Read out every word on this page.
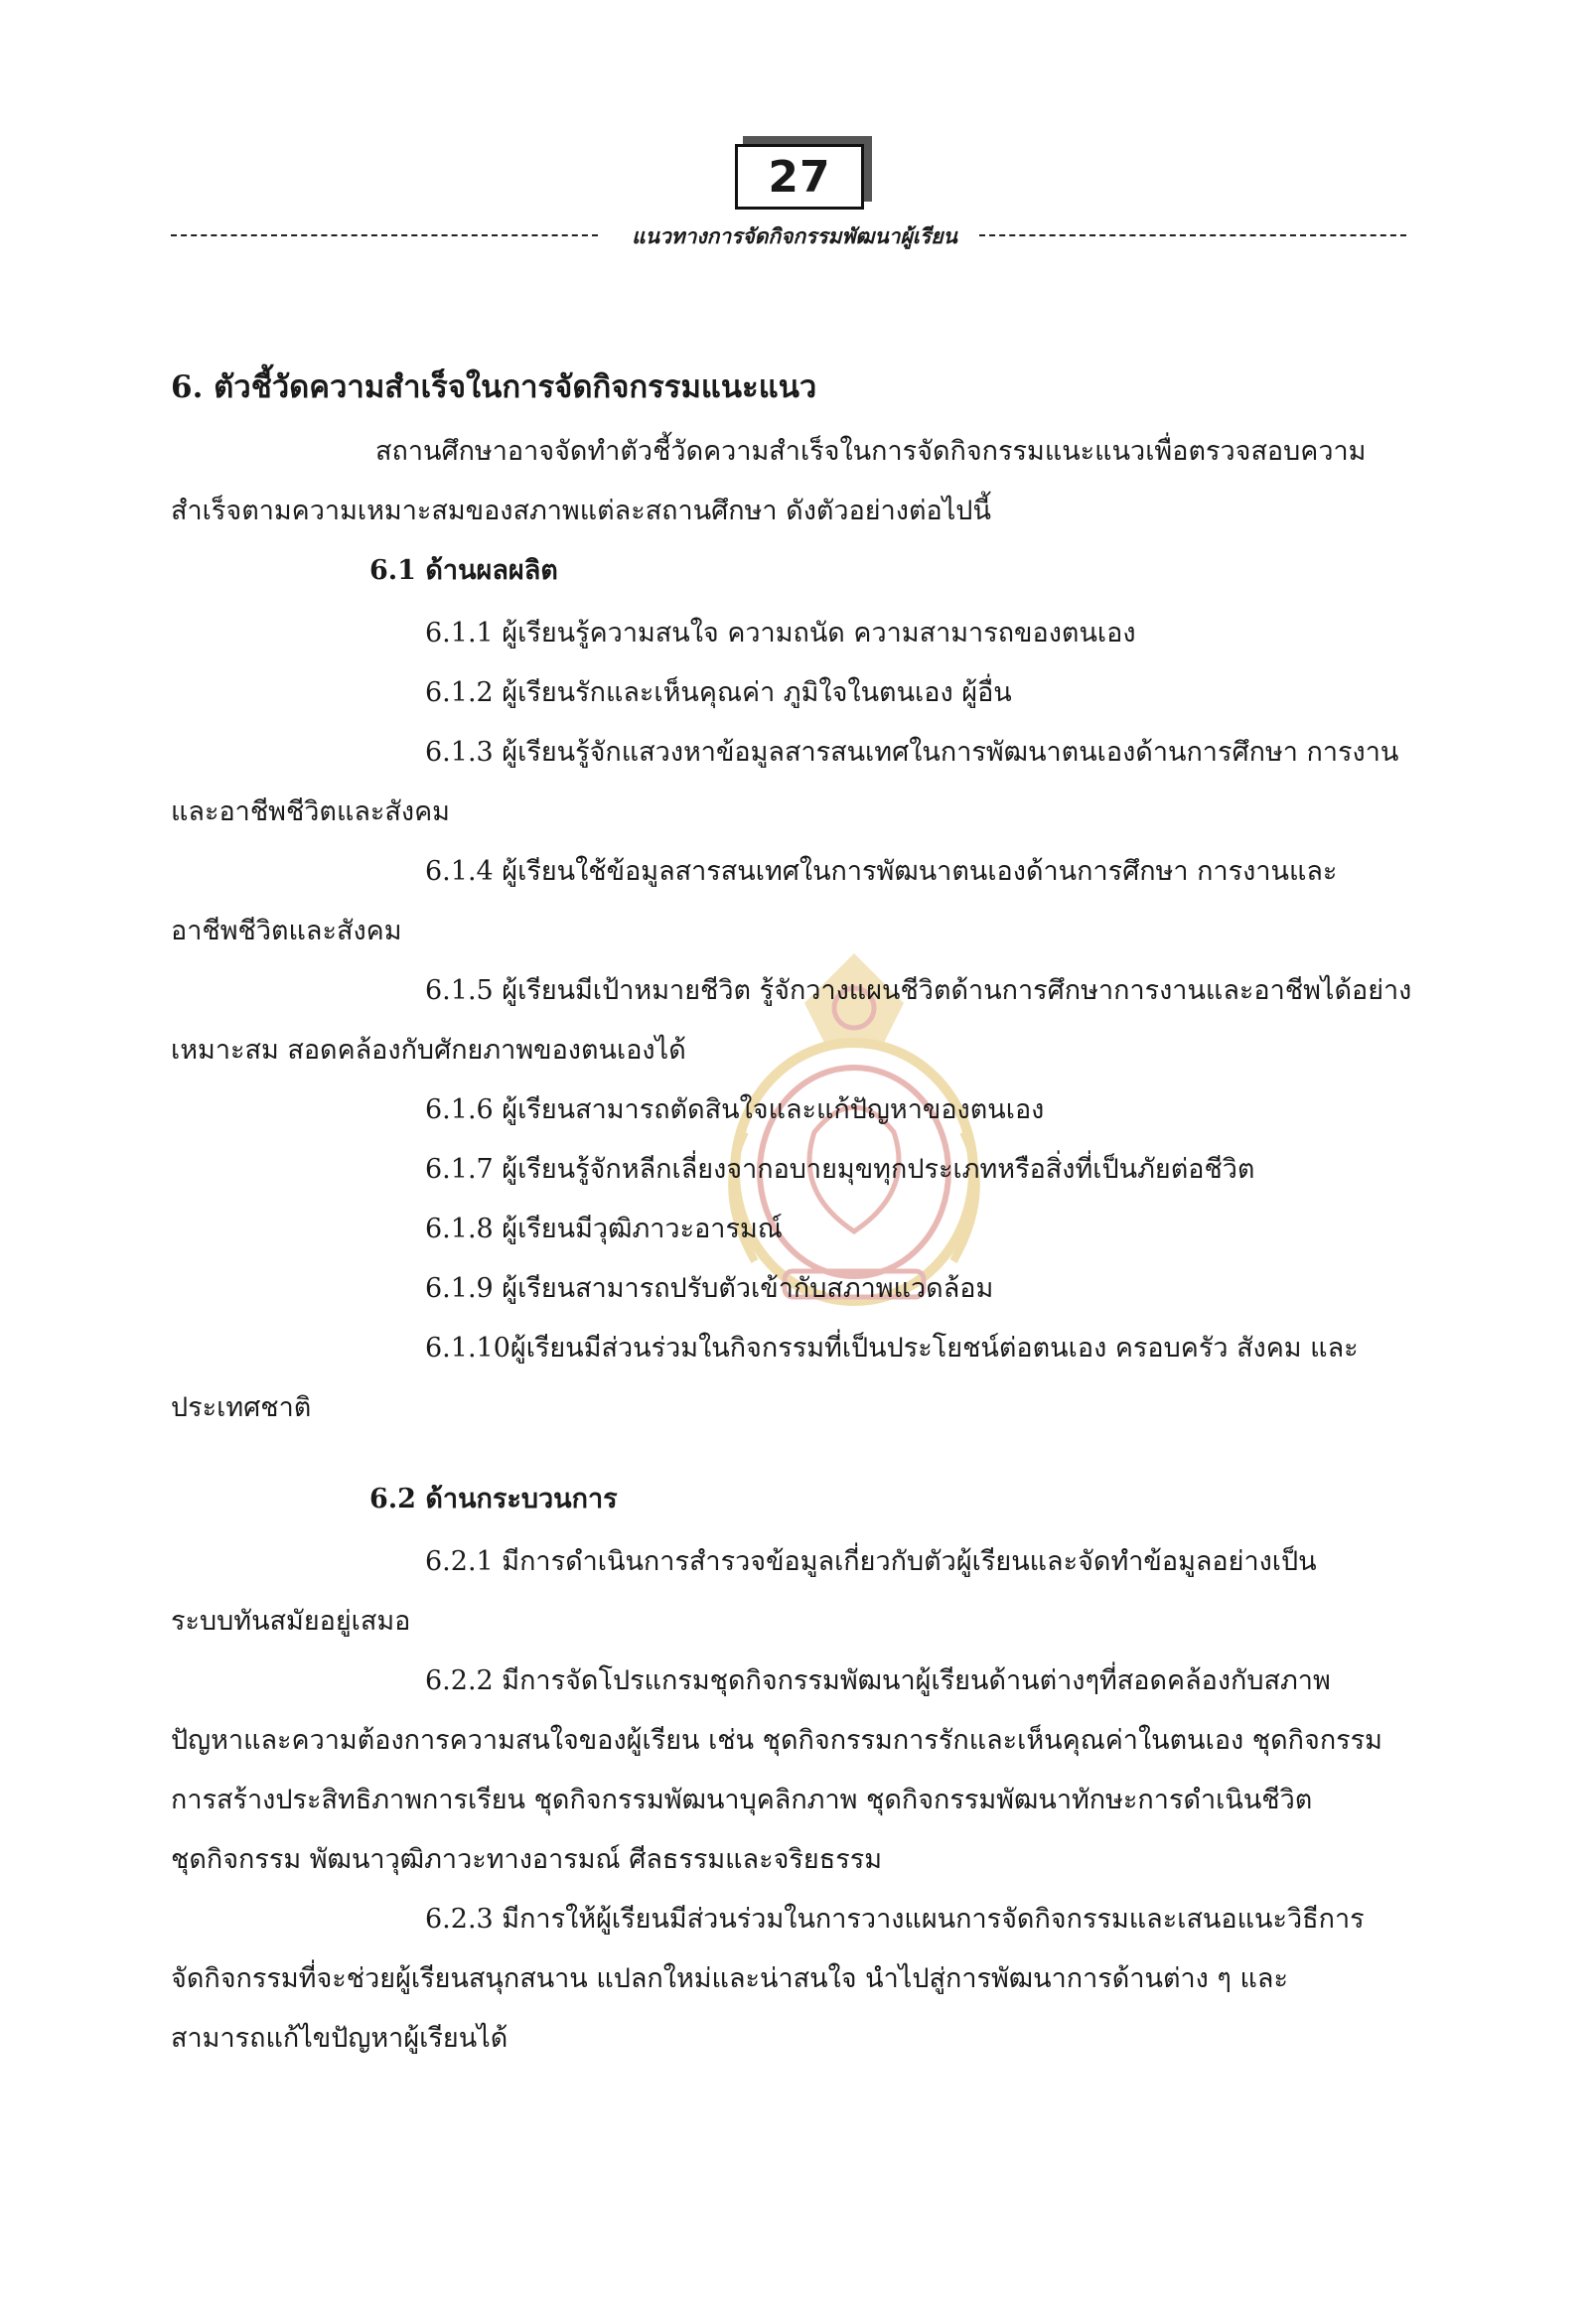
27
แนวทางการจัดกิจกรรมพัฒนาผู้เรียน
6. ตัวชี้วัดความสำเร็จในการจัดกิจกรรมแนะแนว
สถานศึกษาอาจจัดทำตัวชี้วัดความสำเร็จในการจัดกิจกรรมแนะแนวเพื่อตรวจสอบความ
สำเร็จตามความเหมาะสมของสภาพแต่ละสถานศึกษา ดังตัวอย่างต่อไปนี้
6.1 ด้านผลผลิต
6.1.1 ผู้เรียนรู้ความสนใจ ความถนัด ความสามารถของตนเอง
6.1.2 ผู้เรียนรักและเห็นคุณค่า ภูมิใจในตนเอง ผู้อื่น
6.1.3 ผู้เรียนรู้จักแสวงหาข้อมูลสารสนเทศในการพัฒนาตนเองด้านการศึกษา การงาน
และอาชีพชีวิตและสังคม
6.1.4 ผู้เรียนใช้ข้อมูลสารสนเทศในการพัฒนาตนเองด้านการศึกษา การงานและ
อาชีพชีวิตและสังคม
6.1.5 ผู้เรียนมีเป้าหมายชีวิต รู้จักวางแผนชีวิตด้านการศึกษาการงานและอาชีพได้อย่าง
เหมาะสม สอดคล้องกับศักยภาพของตนเองได้
6.1.6 ผู้เรียนสามารถตัดสินใจและแก้ปัญหาของตนเอง
6.1.7 ผู้เรียนรู้จักหลีกเลี่ยงจากอบายมุขทุกประเภทหรือสิ่งที่เป็นภัยต่อชีวิต
6.1.8 ผู้เรียนมีวุฒิภาวะอารมณ์
6.1.9 ผู้เรียนสามารถปรับตัวเข้ากับสภาพแวดล้อม
6.1.10ผู้เรียนมีส่วนร่วมในกิจกรรมที่เป็นประโยชน์ต่อตนเอง ครอบครัว สังคม และ
ประเทศชาติ
6.2 ด้านกระบวนการ
6.2.1 มีการดำเนินการสำรวจข้อมูลเกี่ยวกับตัวผู้เรียนและจัดทำข้อมูลอย่างเป็น
ระบบทันสมัยอยู่เสมอ
6.2.2 มีการจัดโปรแกรมชุดกิจกรรมพัฒนาผู้เรียนด้านต่างๆที่สอดคล้องกับสภาพ
ปัญหาและความต้องการความสนใจของผู้เรียน เช่น ชุดกิจกรรมการรักและเห็นคุณค่าในตนเอง ชุดกิจกรรม
การสร้างประสิทธิภาพการเรียน ชุดกิจกรรมพัฒนาบุคลิกภาพ ชุดกิจกรรมพัฒนาทักษะการดำเนินชีวิต
ชุดกิจกรรม พัฒนาวุฒิภาวะทางอารมณ์ ศีลธรรมและจริยธรรม
6.2.3 มีการให้ผู้เรียนมีส่วนร่วมในการวางแผนการจัดกิจกรรมและเสนอแนะวิธีการ
จัดกิจกรรมที่จะช่วยผู้เรียนสนุกสนาน แปลกใหม่และน่าสนใจ นำไปสู่การพัฒนาการด้านต่าง ๆ และ
สามารถแก้ไขปัญหาผู้เรียนได้
